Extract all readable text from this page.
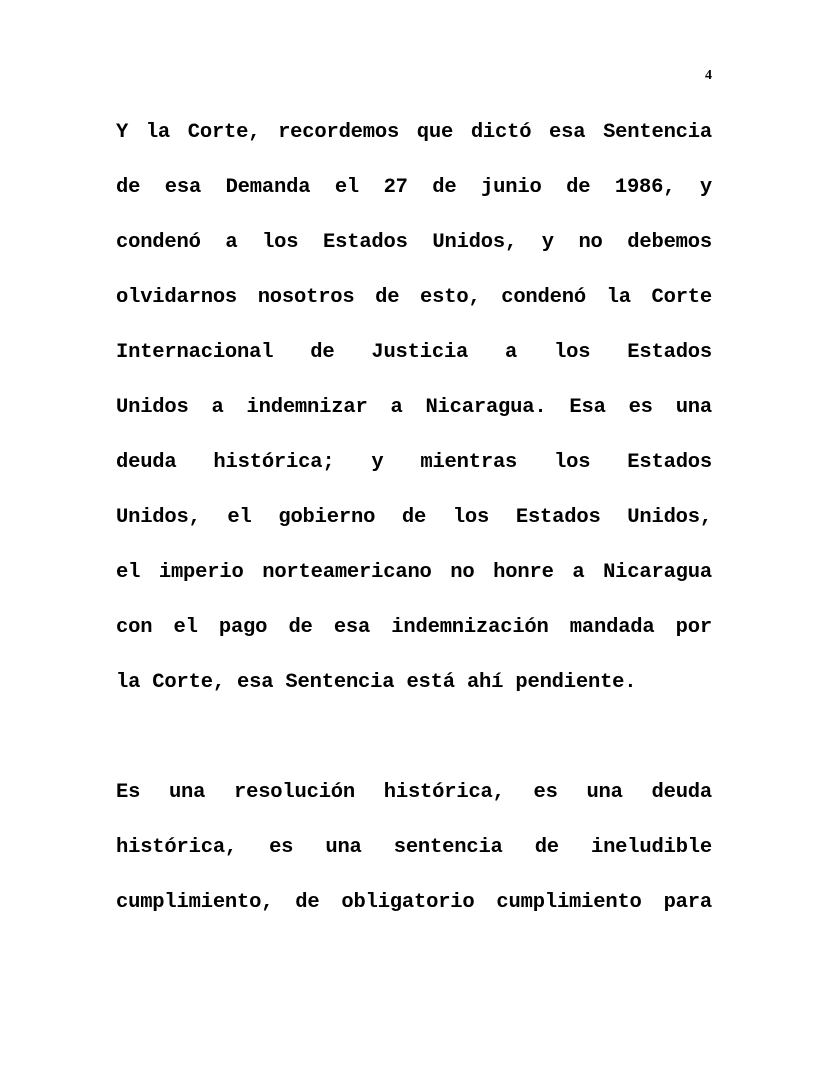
4
Y la Corte, recordemos que dictó esa Sentencia
de esa Demanda el 27 de junio de 1986, y
condenó a los Estados Unidos, y no debemos
olvidarnos nosotros de esto, condenó la Corte
Internacional de Justicia a los Estados
Unidos a indemnizar a Nicaragua. Esa es una
deuda histórica; y mientras los Estados
Unidos, el gobierno de los Estados Unidos,
el imperio norteamericano no honre a Nicaragua
con el pago de esa indemnización mandada por
la Corte, esa Sentencia está ahí pendiente.
Es una resolución histórica, es una deuda
histórica, es una sentencia de ineludible
cumplimiento, de obligatorio cumplimiento para
